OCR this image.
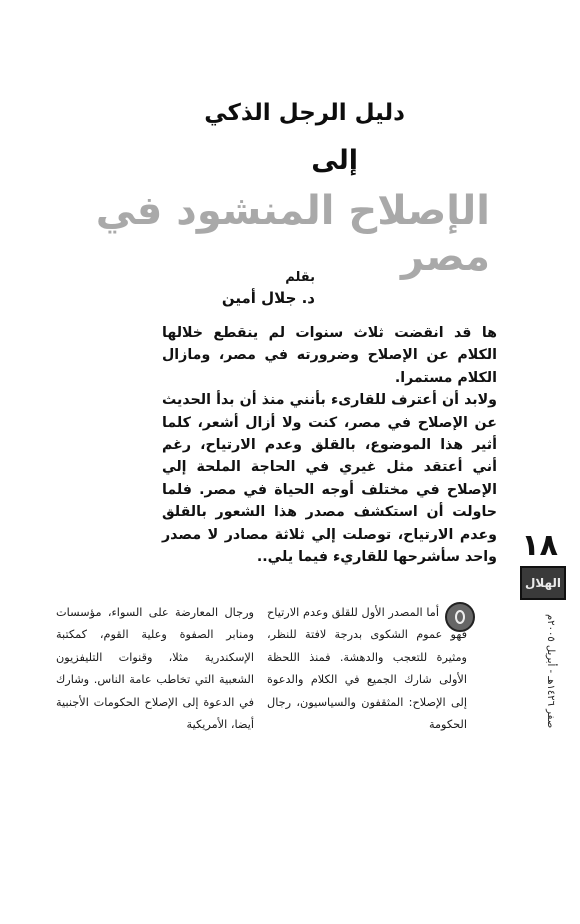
دليل الرجل الذكي
إلى
الإصلاح المنشود في مصر
بقلم
د. جلال أمين

ها قد انقضت ثلاث سنوات لم ينقطع خلالها الكلام عن الإصلاح وضرورته في مصر، ومازال الكلام مستمرا.

ولابد أن أعترف للقارىء بأنني منذ أن بدأ الحديث عن الإصلاح في مصر، كنت ولا أزال أشعر، كلما أثير هذا الموضوع، بالقلق وعدم الارتياح، رغم أني أعتقد مثل غيري في الحاجة الملحة إلي الإصلاح في مختلف أوجه الحياة في مصر. فلما حاولت أن استكشف مصدر هذا الشعور بالقلق وعدم الارتياح، توصلت إلي ثلاثة مصادر لا مصدر واحد سأشرحها للقاريء فيما يلي.. ١٨
الهلال
صفر ١٤٢٦هـ - أبريل ٢٠٠٥م

أما المصدر الأول للقلق وعدم الارتياح فهو عموم الشكوى بدرجة لافتة للنظر، ومثيرة للتعجب والدهشة. فمنذ اللحظة الأولى شارك الجميع في الكلام والدعوة إلى الإصلاح: المثقفون والسياسيون، رجال الحكومة

ورجال المعارضة على السواء، مؤسسات ومنابر الصفوة وعلية القوم، كمكتبة الإسكندرية مثلا، وقنوات التليفزيون الشعبية التي تخاطب عامة الناس. وشارك في الدعوة إلى الإصلاح الحكومات الأجنبية أيضا، الأمريكية
